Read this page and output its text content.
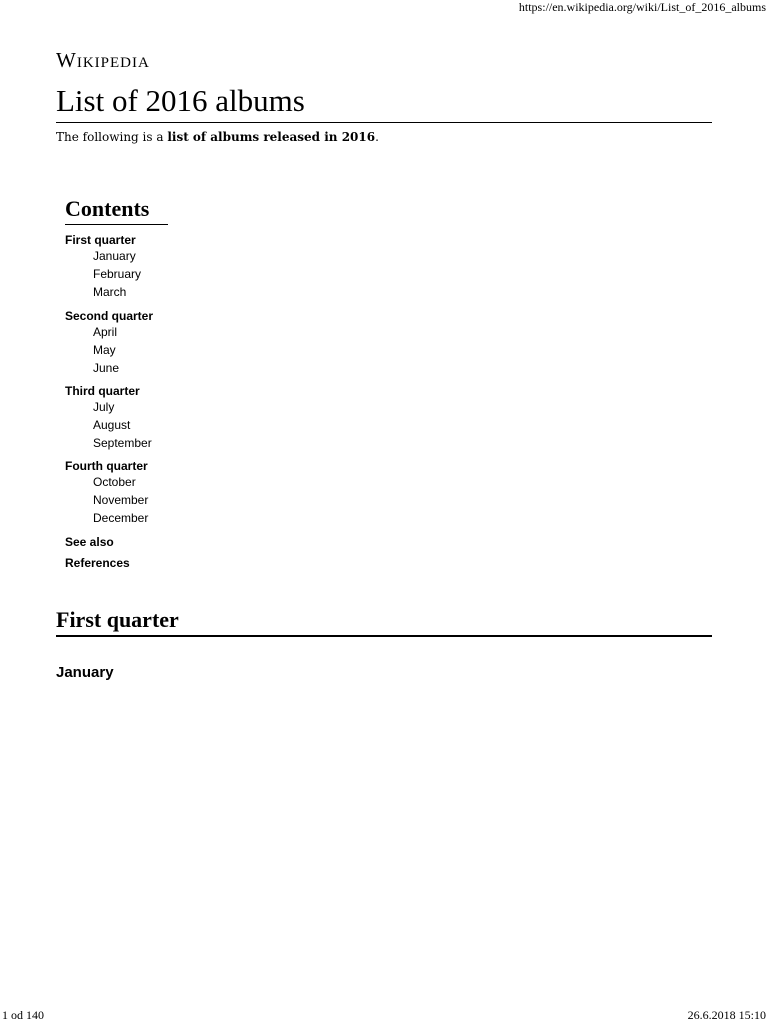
https://en.wikipedia.org/wiki/List_of_2016_albums
Wikipedia
List of 2016 albums
The following is a list of albums released in 2016.
Contents
First quarter
January
February
March
Second quarter
April
May
June
Third quarter
July
August
September
Fourth quarter
October
November
December
See also
References
First quarter
January
1 od 140	26.6.2018 15:10
